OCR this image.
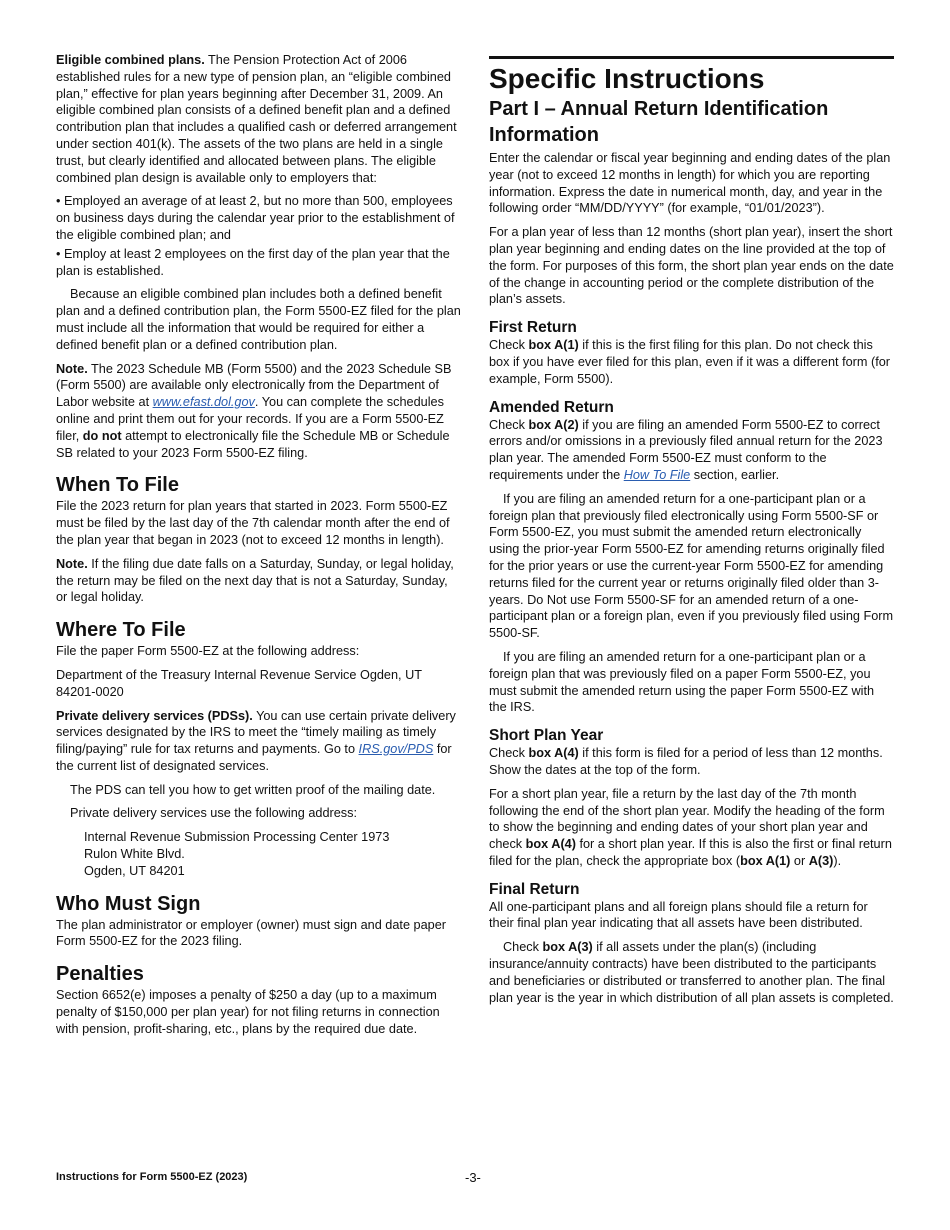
Eligible combined plans. The Pension Protection Act of 2006 established rules for a new type of pension plan, an “eligible combined plan,” effective for plan years beginning after December 31, 2009. An eligible combined plan consists of a defined benefit plan and a defined contribution plan that includes a qualified cash or deferred arrangement under section 401(k). The assets of the two plans are held in a single trust, but clearly identified and allocated between plans. The eligible combined plan design is available only to employers that:

• Employed an average of at least 2, but no more than 500, employees on business days during the calendar year prior to the establishment of the eligible combined plan; and

• Employ at least 2 employees on the first day of the plan year that the plan is established.

Because an eligible combined plan includes both a defined benefit plan and a defined contribution plan, the Form 5500-EZ filed for the plan must include all the information that would be required for either a defined benefit plan or a defined contribution plan.

Note. The 2023 Schedule MB (Form 5500) and the 2023 Schedule SB (Form 5500) are available only electronically from the Department of Labor website at www.efast.dol.gov. You can complete the schedules online and print them out for your records. If you are a Form 5500-EZ filer, do not attempt to electronically file the Schedule MB or Schedule SB related to your 2023 Form 5500-EZ filing.

When To File

File the 2023 return for plan years that started in 2023. Form 5500-EZ must be filed by the last day of the 7th calendar month after the end of the plan year that began in 2023 (not to exceed 12 months in length).

Note. If the filing due date falls on a Saturday, Sunday, or legal holiday, the return may be filed on the next day that is not a Saturday, Sunday, or legal holiday.

Where To File

File the paper Form 5500-EZ at the following address:

Department of the Treasury Internal Revenue Service Ogden, UT 84201-0020

Private delivery services (PDSs). You can use certain private delivery services designated by the IRS to meet the “timely mailing as timely filing/paying” rule for tax returns and payments. Go to IRS.gov/PDS for the current list of designated services.

The PDS can tell you how to get written proof of the mailing date.

Private delivery services use the following address:

Internal Revenue Submission Processing Center 1973
Rulon White Blvd.
Ogden, UT 84201
Who Must Sign

The plan administrator or employer (owner) must sign and date paper Form 5500-EZ for the 2023 filing.

Penalties

Section 6652(e) imposes a penalty of $250 a day (up to a maximum penalty of $150,000 per plan year) for not filing returns in connection with pension, profit-sharing, etc., plans by the required due date.

Specific Instructions
Part I – Annual Return Identification Information

Enter the calendar or fiscal year beginning and ending dates of the plan year (not to exceed 12 months in length) for which you are reporting information. Express the date in numerical month, day, and year in the following order “MM/DD/YYYY” (for example, “01/01/2023”).

For a plan year of less than 12 months (short plan year), insert the short plan year beginning and ending dates on the line provided at the top of the form. For purposes of this form, the short plan year ends on the date of the change in accounting period or the complete distribution of the plan’s assets.

First Return

Check box A(1) if this is the first filing for this plan. Do not check this box if you have ever filed for this plan, even if it was a different form (for example, Form 5500).

Amended Return

Check box A(2) if you are filing an amended Form 5500-EZ to correct errors and/or omissions in a previously filed annual return for the 2023 plan year. The amended Form 5500-EZ must conform to the requirements under the How To File section, earlier.

If you are filing an amended return for a one-participant plan or a foreign plan that previously filed electronically using Form 5500-SF or Form 5500-EZ, you must submit the amended return electronically using the prior-year Form 5500-EZ for amending returns originally filed for the prior years or use the current-year Form 5500-EZ for amending returns filed for the current year or returns originally filed older than 3-years. Do Not use Form 5500-SF for an amended return of a one-participant plan or a foreign plan, even if you previously filed using Form 5500-SF.

If you are filing an amended return for a one-participant plan or a foreign plan that was previously filed on a paper Form 5500-EZ, you must submit the amended return using the paper Form 5500-EZ with the IRS.

Short Plan Year

Check box A(4) if this form is filed for a period of less than 12 months. Show the dates at the top of the form.

For a short plan year, file a return by the last day of the 7th month following the end of the short plan year. Modify the heading of the form to show the beginning and ending dates of your short plan year and check box A(4) for a short plan year. If this is also the first or final return filed for the plan, check the appropriate box (box A(1) or A(3)).

Final Return

All one-participant plans and all foreign plans should file a return for their final plan year indicating that all assets have been distributed.

Check box A(3) if all assets under the plan(s) (including insurance/annuity contracts) have been distributed to the participants and beneficiaries or distributed or transferred to another plan. The final plan year is the year in which distribution of all plan assets is completed.

Instructions for Form 5500-EZ (2023)	-3-
